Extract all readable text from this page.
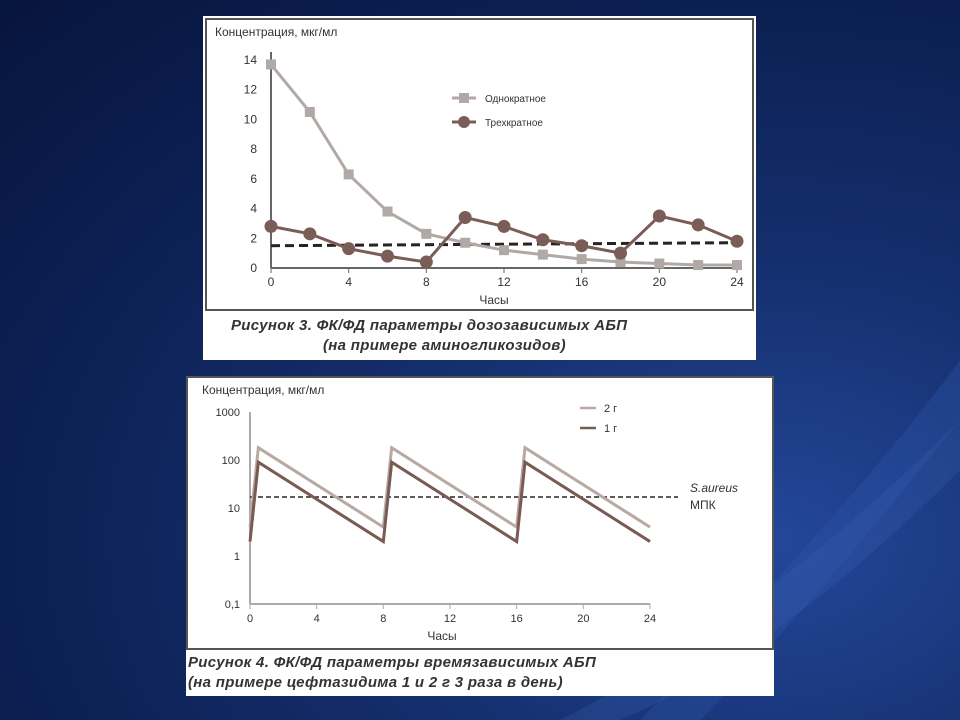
Концентрация, мкг/мл
0
2
4
6
8
10
12
14
0	4	8	12	16	20	24
Часы
Однократное
Трехкратное
Рисунок 3. ФК/ФД параметры дозозависимых АБП
(на примере аминогликозидов)
Концентрация, мкг/мл
0,1
1
10
100
1000
0	4	8	12	16	20	24
Часы
S.aureus
МПК
2 г
1 г
Рисунок 4. ФК/ФД параметры времязависимых АБП
(на примере цефтазидима 1 и 2 г 3 раза в день)
